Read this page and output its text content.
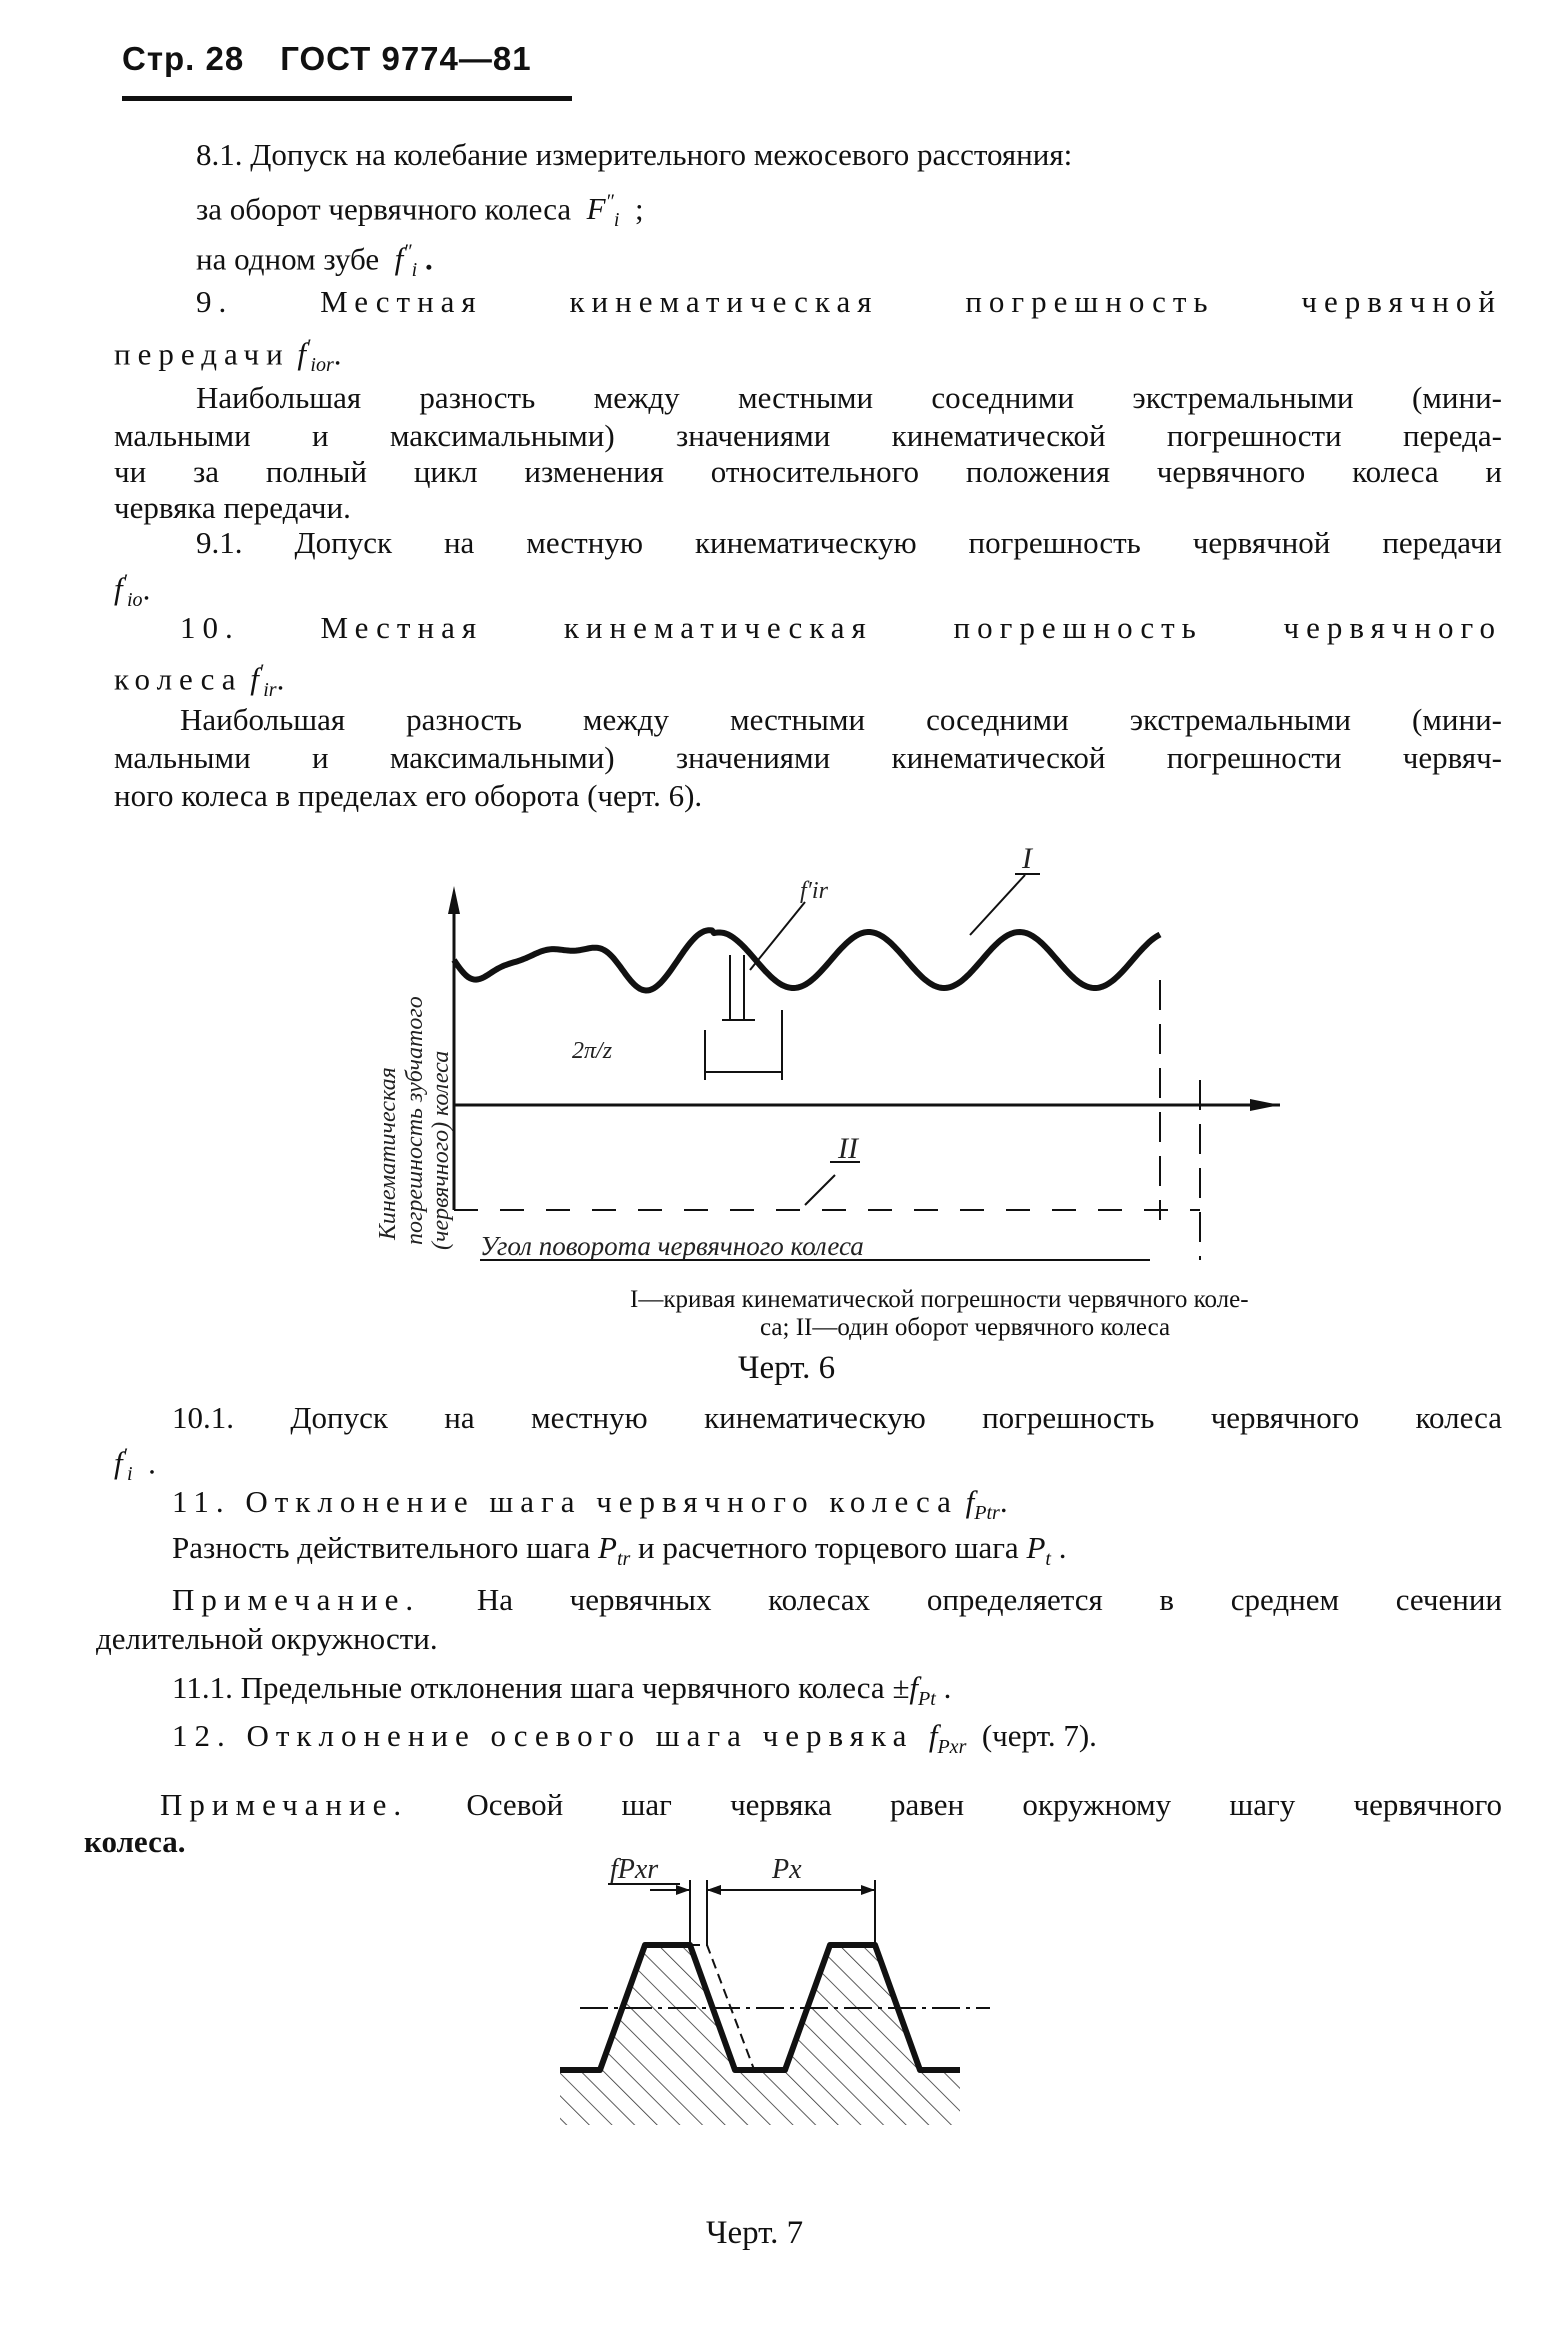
Стр. 28 ГОСТ 9774—81
8.1. Допуск на колебание измерительного межосевого расстояния:
за оборот червячного колеса $F''_i$ ;
на одном зубе $f''_i$ .
9. Местная кинематическая погрешность червячной
передачи $f'_{ior}$.
Наибольшая разность между местными соседними экстремальными (мини-
мальными и максимальными) значениями кинематической погрешности переда-
чи за полный цикл изменения относительного положения червячного колеса и
червяка передачи.
9.1. Допуск на местную кинематическую погрешность червячной передачи
$f'_{io}$.
10. Местная кинематическая погрешность червячного
колеса $f'_{ir}$.
Наибольшая разность между местными соседними экстремальными (мини-
мальными и максимальными) значениями кинематической погрешности червяч-
ного колеса в пределах его оборота (черт. 6).
Кинематическая погрешность зубчатого (червячного) колеса
f′ir
2π/z
I
II
Угол поворота червячного колеса
I—кривая кинематической погрешности червячного коле-
са; II—один оборот червячного колеса
Черт. 6
10.1. Допуск на местную кинематическую погрешность червячного колеса
$f'_i$  .
11. Отклонение шага червячного колеса $f_{Ptr}$.
Разность действительного шага $P_{tr}$ и расчетного торцевого шага $P_t$ .
Примечание. На червячных колесах определяется в среднем сечении
делительной окружности.
11.1. Предельные отклонения шага червячного колеса $\pm f_{Pt}$ .
12. Отклонение осевого шага червяка $f_{Pxr}$ (черт. 7).
Примечание. Осевой шаг червяка равен окружному шагу червячного
колеса.
fPxr	Px
Черт. 7
